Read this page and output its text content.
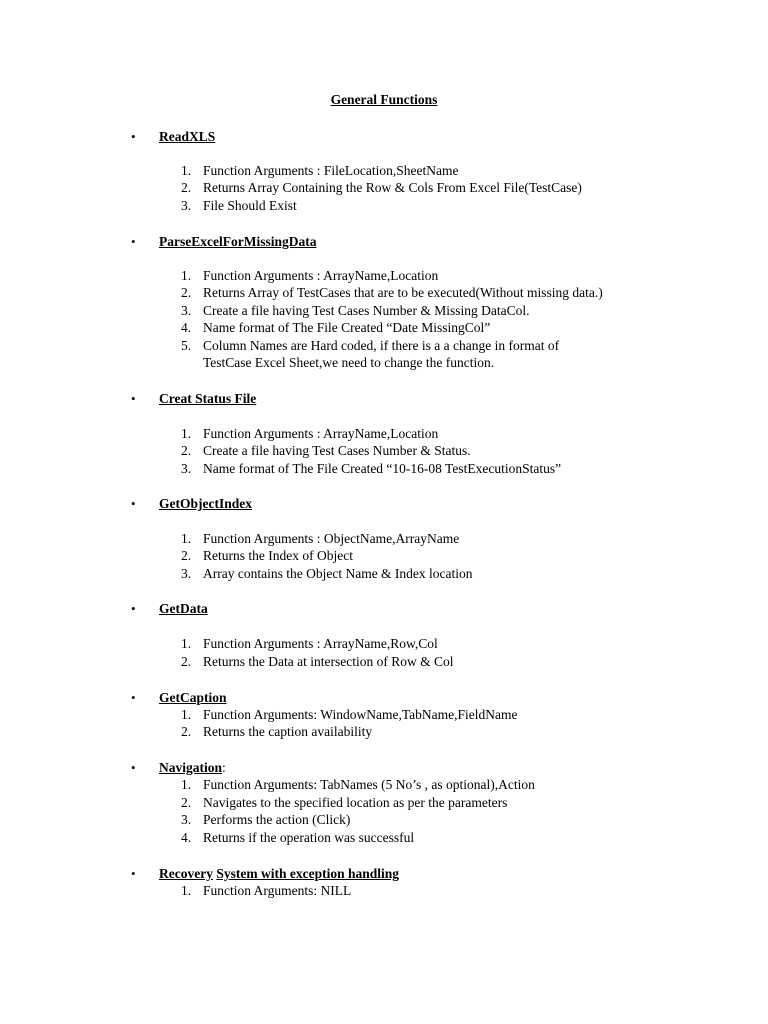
General Functions
• ReadXLS
1. Function Arguments : FileLocation,SheetName
2. Returns Array Containing the Row & Cols From Excel File(TestCase)
3. File Should Exist
• ParseExcelForMissingData
1. Function Arguments : ArrayName,Location
2. Returns Array of TestCases that are to be executed(Without missing data.)
3. Create a file having Test Cases Number & Missing DataCol.
4. Name format of The File Created “Date MissingCol”
5. Column Names are Hard coded, if there is a a change in format of
TestCase Excel Sheet,we need to change the function.
• Creat Status File
1. Function Arguments : ArrayName,Location
2. Create a file having Test Cases Number & Status.
3. Name format of The File Created “10-16-08 TestExecutionStatus”
• GetObjectIndex
1. Function Arguments : ObjectName,ArrayName
2. Returns the Index of Object
3. Array contains the Object Name & Index location
• GetData
1. Function Arguments : ArrayName,Row,Col
2. Returns the Data at intersection of Row & Col
• GetCaption
1. Function Arguments: WindowName,TabName,FieldName
2. Returns the caption availability
• Navigation:
1. Function Arguments: TabNames (5 No’s , as optional),Action
2. Navigates to the specified location as per the parameters
3. Performs the action (Click)
4. Returns if the operation was successful
• Recovery System with exception handling
1. Function Arguments: NILL
